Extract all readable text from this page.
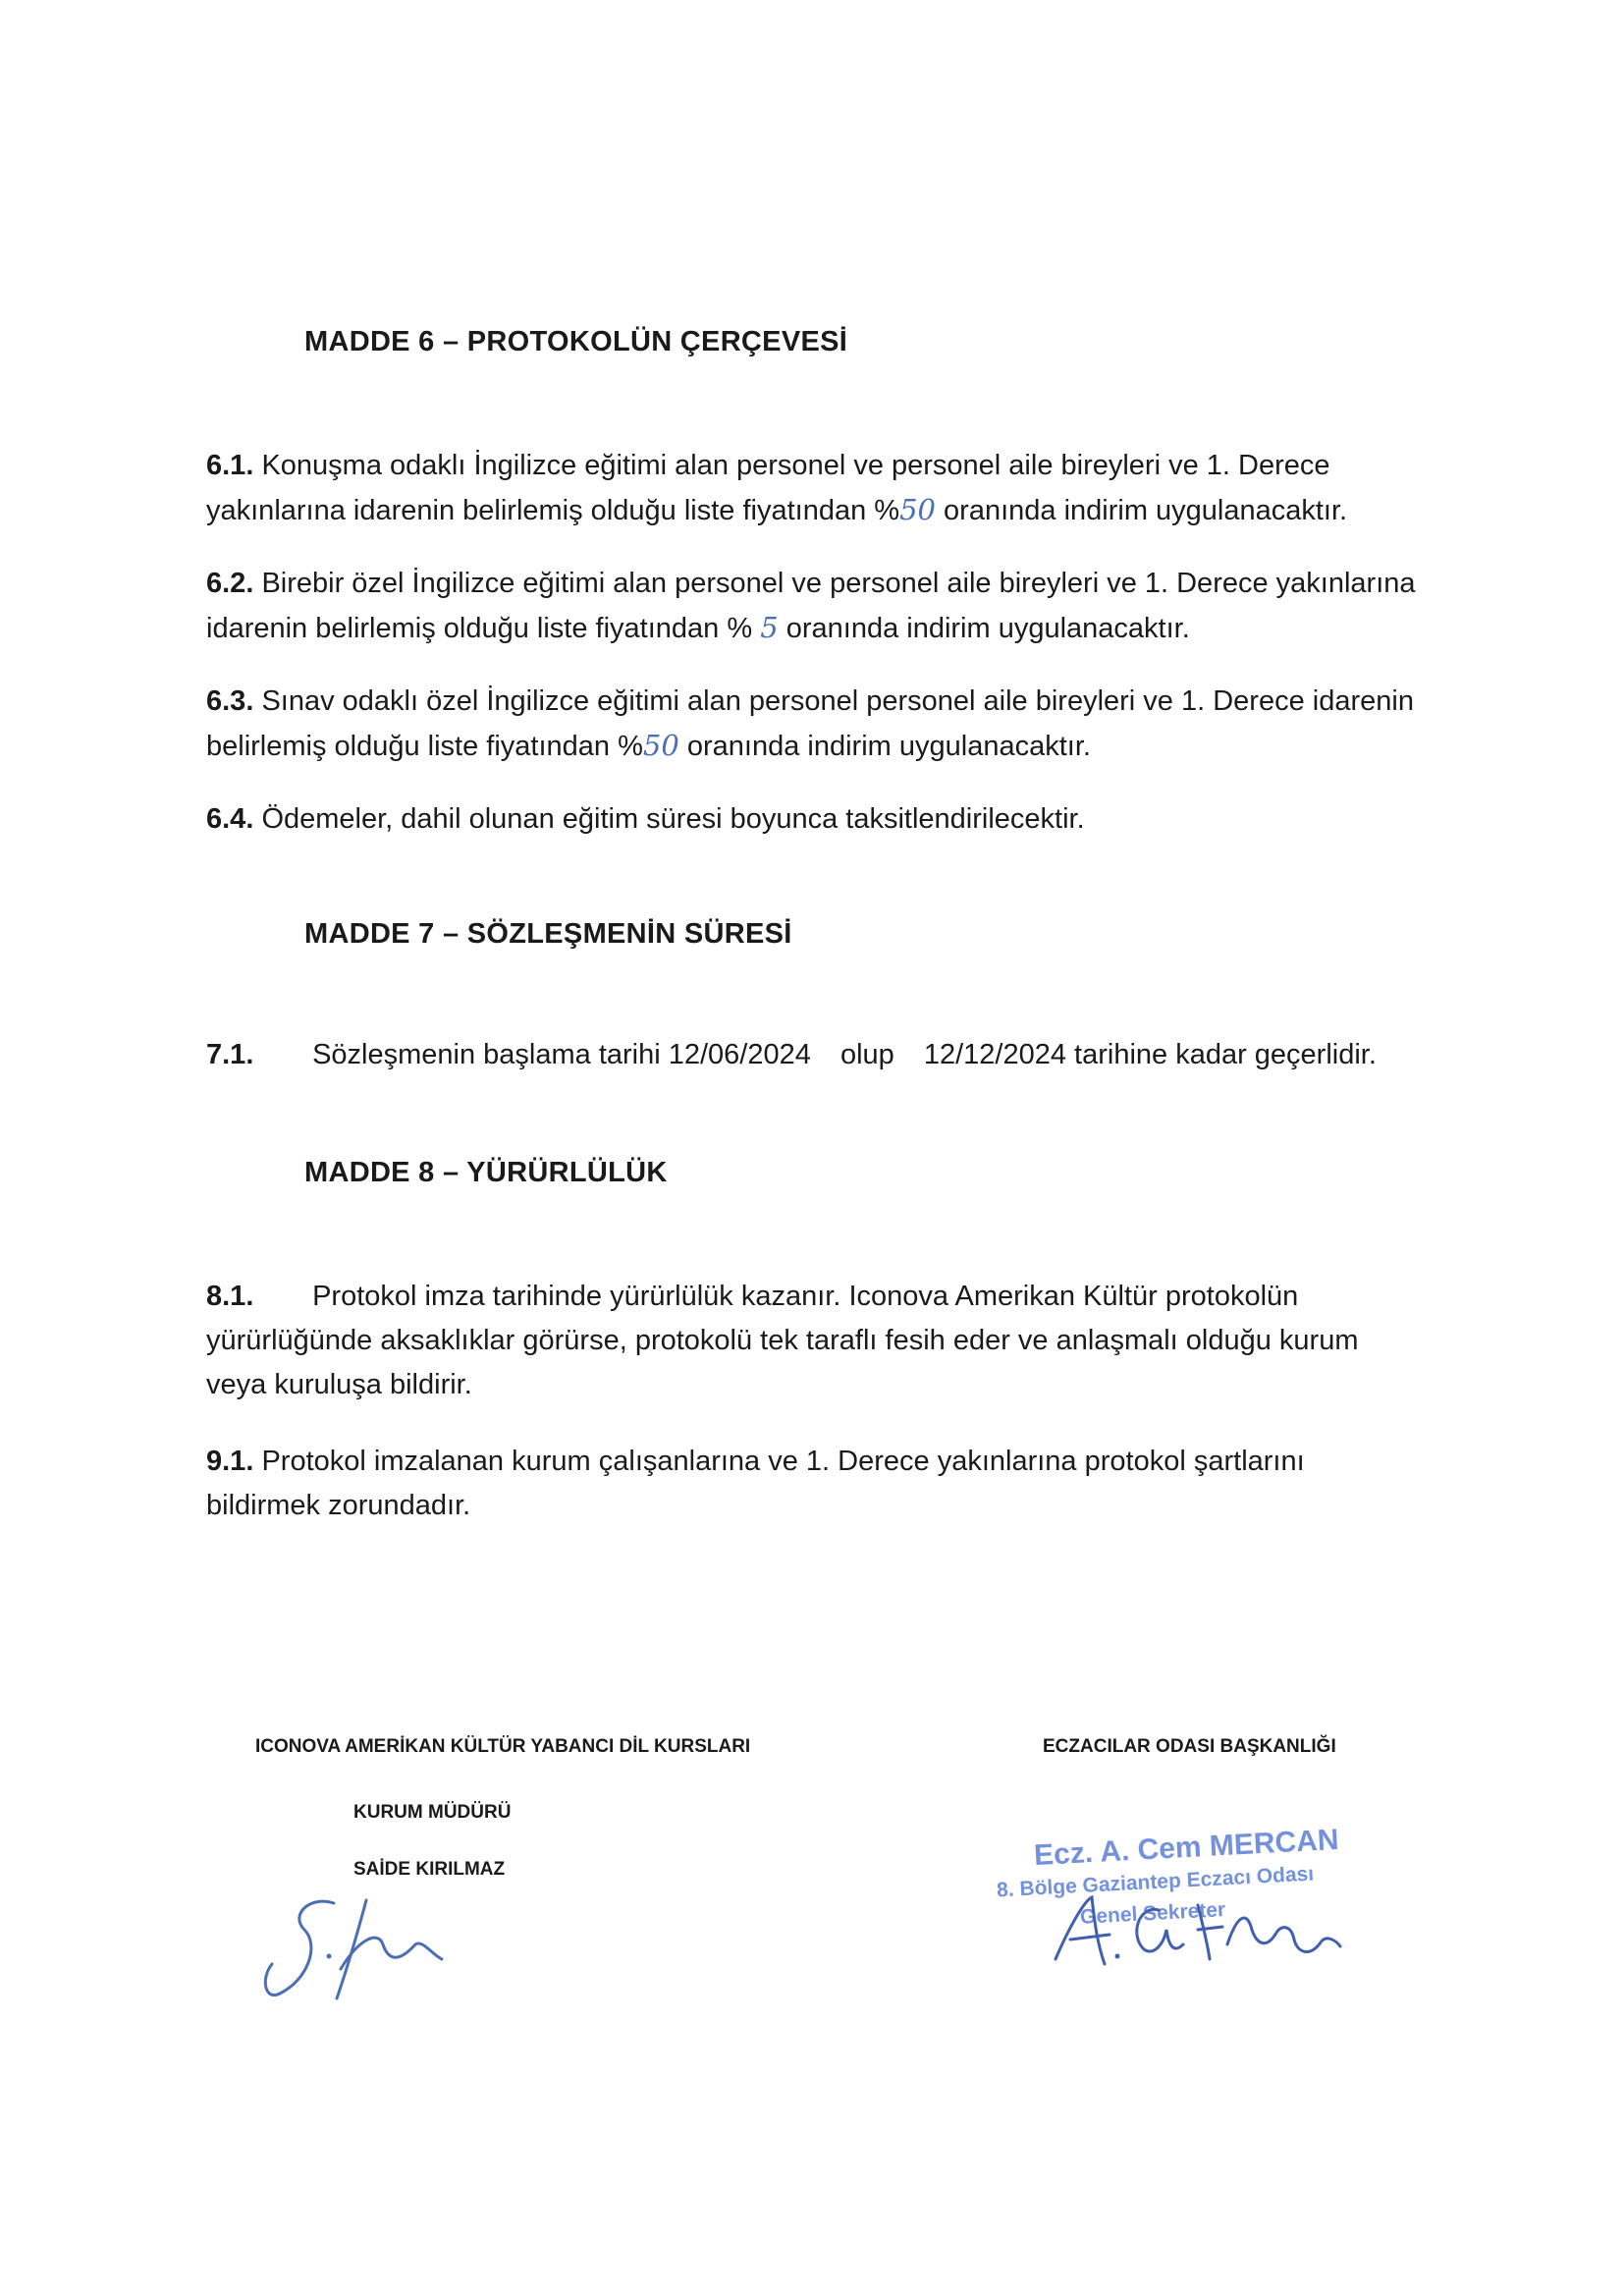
MADDE 6 – PROTOKOLÜN ÇERÇEVESİ
6.1. Konuşma odaklı İngilizce eğitimi alan personel ve personel aile bireyleri ve 1. Derece yakınlarına idarenin belirlemiş olduğu liste fiyatından %50 oranında indirim uygulanacaktır.
6.2. Birebir özel İngilizce eğitimi alan personel ve personel aile bireyleri ve 1. Derece yakınlarına idarenin belirlemiş olduğu liste fiyatından % 5 oranında indirim uygulanacaktır.
6.3. Sınav odaklı özel İngilizce eğitimi alan personel personel aile bireyleri ve 1. Derece idarenin belirlemiş olduğu liste fiyatından %50 oranında indirim uygulanacaktır.
6.4. Ödemeler, dahil olunan eğitim süresi boyunca taksitlendirilecektir.
MADDE 7 – SÖZLEŞMENİN SÜRESİ
7.1. Sözleşmenin başlama tarihi 12/06/2024 olup 12/12/2024 tarihine kadar geçerlidir.
MADDE 8 – YÜRÜRLÜLÜK
8.1. Protokol imza tarihinde yürürlülük kazanır. Iconova Amerikan Kültür protokolün yürürlüğünde aksaklıklar görürse, protokolü tek taraflı fesih eder ve anlaşmalı olduğu kurum veya kuruluşa bildirir.
9.1. Protokol imzalanan kurum çalışanlarına ve 1. Derece yakınlarına protokol şartlarını bildirmek zorundadır.
ICONOVA AMERİKAN KÜLTÜR YABANCI DİL KURSLARI
KURUM MÜDÜRÜ
SAİDE KIRILMAZ
ECZACILAR ODASI BAŞKANLIĞI
Ecz. A. Cem MERCAN
8. Bölge Gaziantep Eczacı Odası
Genel Sekreter
